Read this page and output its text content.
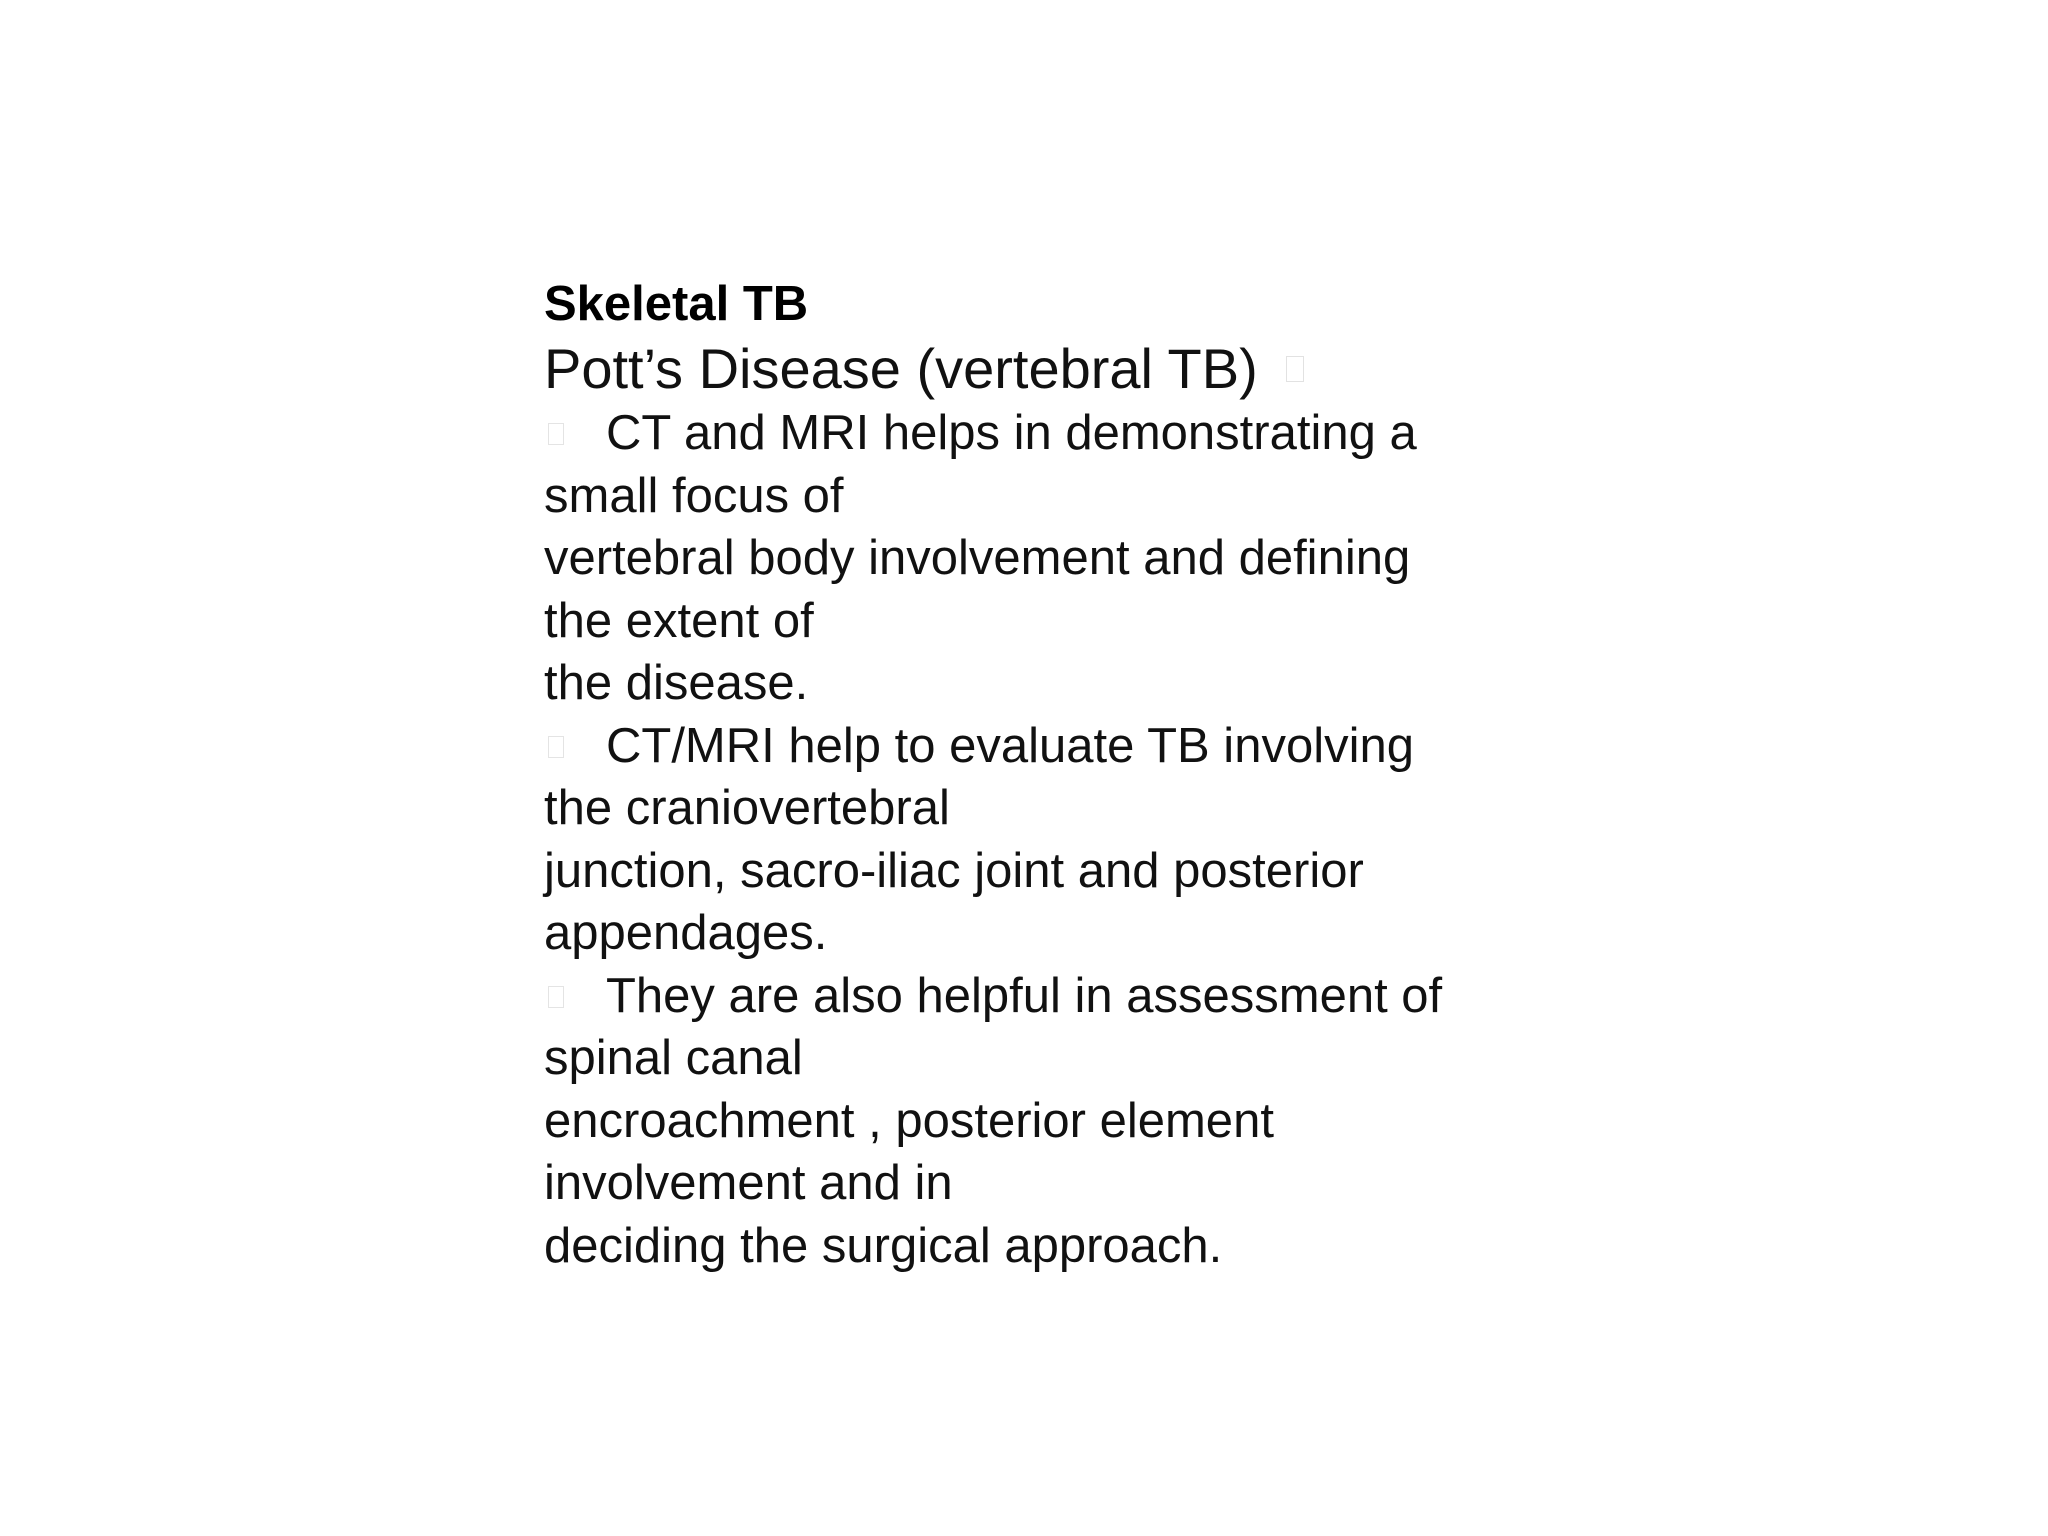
Skeletal TB
Pott’s Disease (vertebral TB)
CT and MRI helps in demonstrating a
small focus of
vertebral body involvement and defining
the extent of
the disease.
CT/MRI help to evaluate TB involving
the craniovertebral
junction, sacro-iliac joint and posterior
appendages.
They are also helpful in assessment of
spinal canal
encroachment , posterior element
involvement and in
deciding the surgical approach.
